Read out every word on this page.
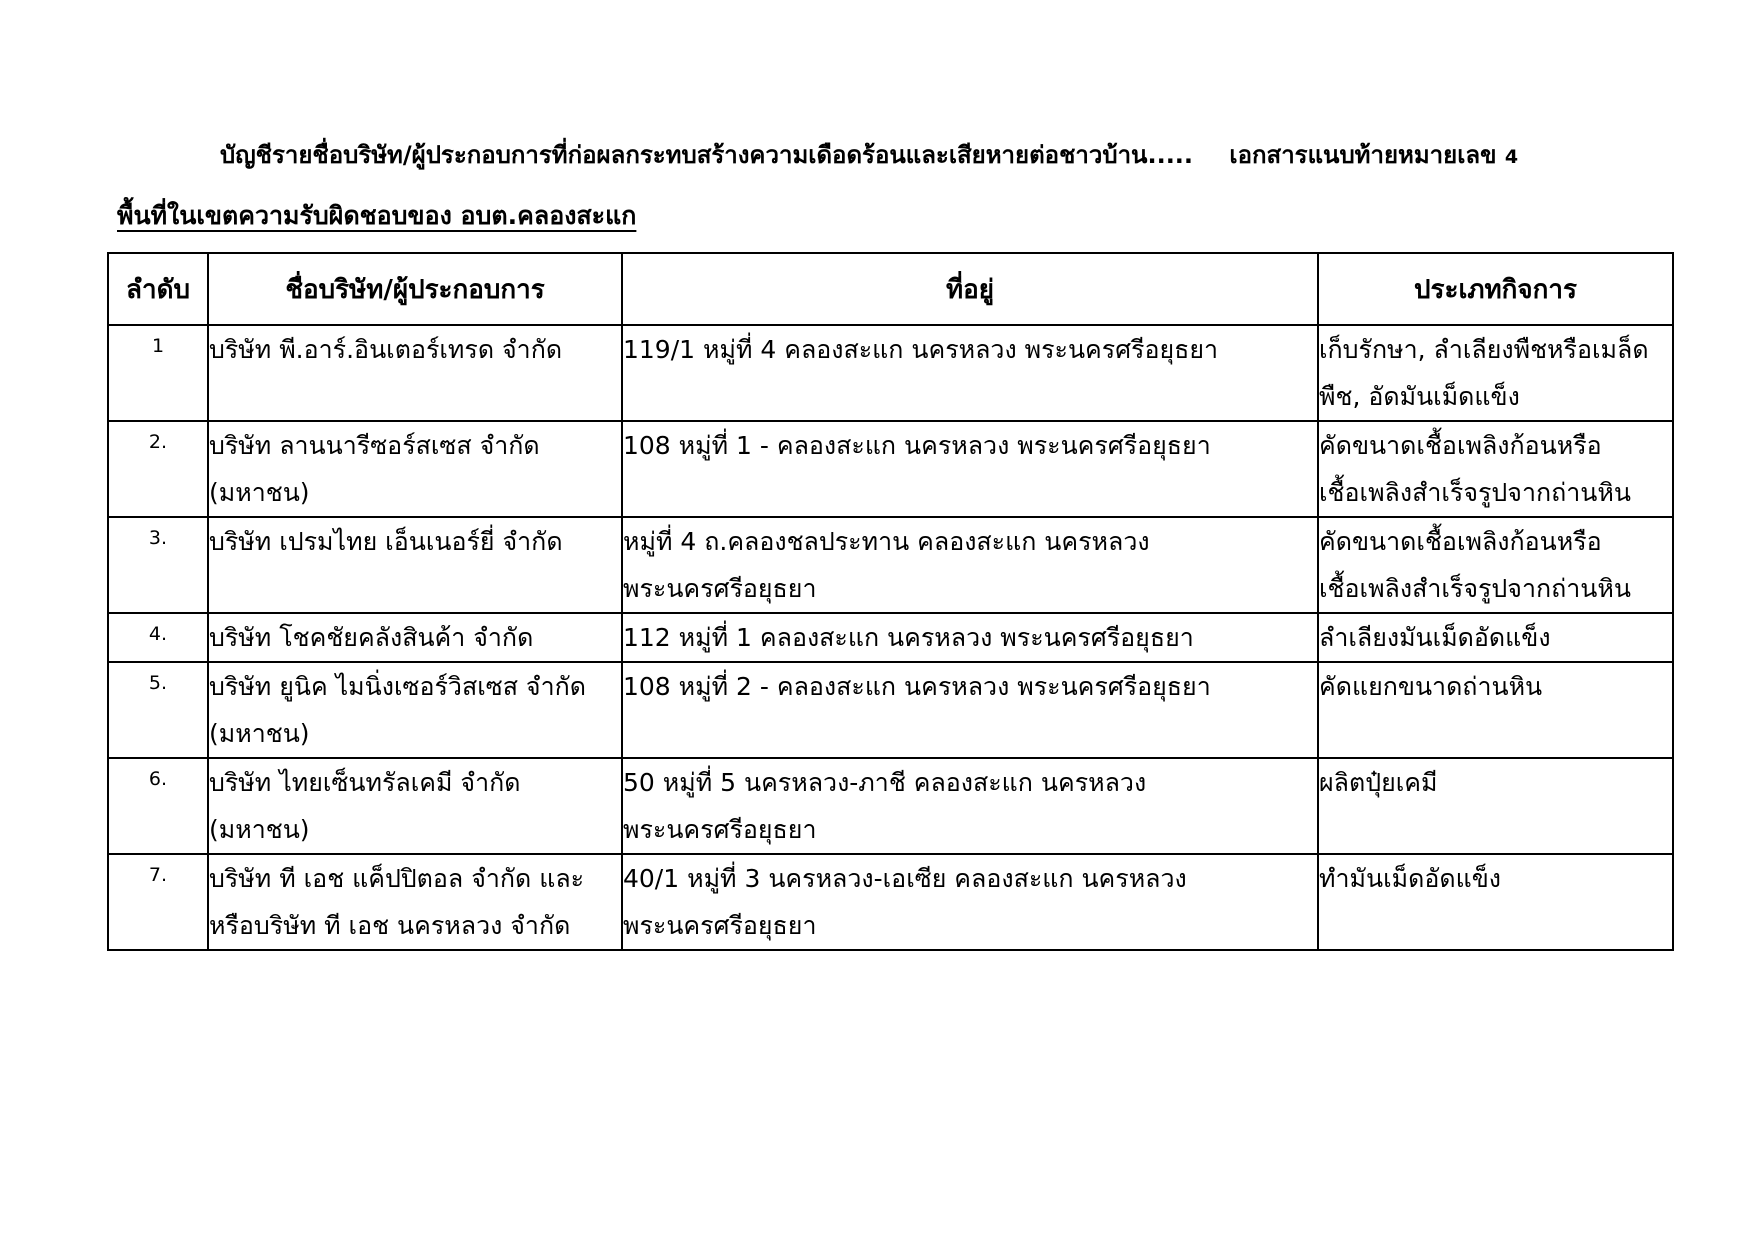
บัญชีรายชื่อบริษัท/ผู้ประกอบการที่ก่อผลกระทบสร้างความเดือดร้อนและเสียหายต่อชาวบ้าน..... เอกสารแนบท้ายหมายเลข 4
พื้นที่ในเขตความรับผิดชอบของ อบต.คลองสะแก
ลำดับ	ชื่อบริษัท/ผู้ประกอบการ	ที่อยู่	ประเภทกิจการ
1	บริษัท พี.อาร์.อินเตอร์เทรด จำกัด	119/1 หมู่ที่ 4 คลองสะแก นครหลวง พระนครศรีอยุธยา	เก็บรักษา, ลำเลียงพืชหรือเมล็ด
พืช, อัดมันเม็ดแข็ง

2.	บริษัท ลานนารีซอร์สเซส จำกัด
(มหาชน)	108 หมู่ที่ 1 - คลองสะแก นครหลวง พระนครศรีอยุธยา	คัดขนาดเชื้อเพลิงก้อนหรือ
เชื้อเพลิงสำเร็จรูปจากถ่านหิน

3.	บริษัท เปรมไทย เอ็นเนอร์ยี่ จำกัด	หมู่ที่ 4 ถ.คลองชลประทาน คลองสะแก นครหลวง
พระนครศรีอยุธยา	คัดขนาดเชื้อเพลิงก้อนหรือ
เชื้อเพลิงสำเร็จรูปจากถ่านหิน

4.	บริษัท โชคชัยคลังสินค้า จำกัด	112 หมู่ที่ 1 คลองสะแก นครหลวง พระนครศรีอยุธยา	ลำเลียงมันเม็ดอัดแข็ง

5.	บริษัท ยูนิค ไมนิ่งเซอร์วิสเซส จำกัด
(มหาชน)	108 หมู่ที่ 2 - คลองสะแก นครหลวง พระนครศรีอยุธยา	คัดแยกขนาดถ่านหิน

6.	บริษัท ไทยเซ็นทรัลเคมี จำกัด
(มหาชน)	50 หมู่ที่ 5 นครหลวง-ภาชี คลองสะแก นครหลวง
พระนครศรีอยุธยา	ผลิตปุ๋ยเคมี

7.	บริษัท ที เอช แค็ปปิตอล จำกัด และ
หรือบริษัท ที เอช นครหลวง จำกัด	40/1 หมู่ที่ 3 นครหลวง-เอเซีย คลองสะแก นครหลวง
พระนครศรีอยุธยา	ทำมันเม็ดอัดแข็ง
